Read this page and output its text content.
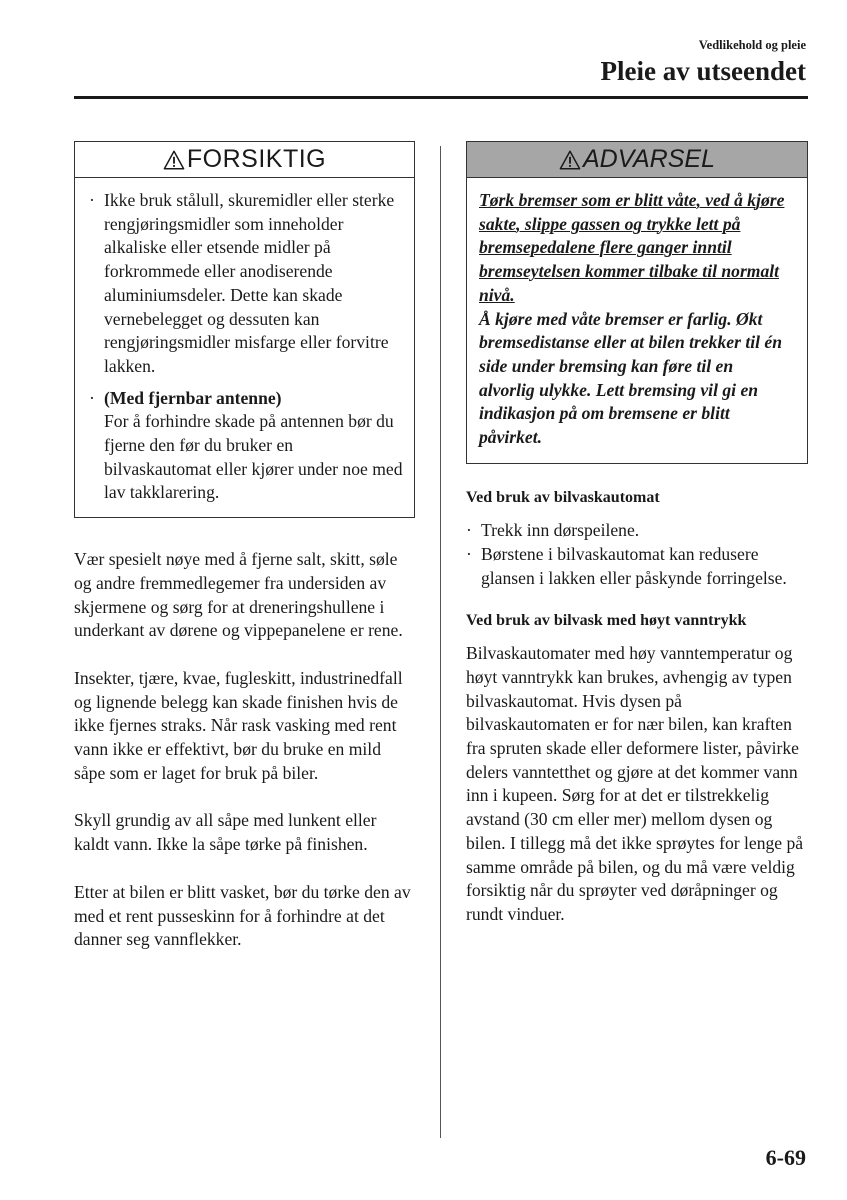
Vedlikehold og pleie
Pleie av utseendet
FORSIKTIG
· Ikke bruk stålull, skuremidler eller sterke rengjøringsmidler som inneholder alkaliske eller etsende midler på forkrommede eller anodiserende aluminiumsdeler. Dette kan skade vernebelegget og dessuten kan rengjøringsmidler misfarge eller forvitre lakken.
· (Med fjernbar antenne)
For å forhindre skade på antennen bør du fjerne den før du bruker en bilvaskautomat eller kjører under noe med lav takklarering.

Vær spesielt nøye med å fjerne salt, skitt, søle og andre fremmedlegemer fra undersiden av skjermene og sørg for at dreneringshullene i underkant av dørene og vippepanelene er rene.

Insekter, tjære, kvae, fugleskitt, industrinedfall og lignende belegg kan skade finishen hvis de ikke fjernes straks. Når rask vasking med rent vann ikke er effektivt, bør du bruke en mild såpe som er laget for bruk på biler.

Skyll grundig av all såpe med lunkent eller kaldt vann. Ikke la såpe tørke på finishen.

Etter at bilen er blitt vasket, bør du tørke den av med et rent pusseskinn for å forhindre at det danner seg vannflekker.

ADVARSEL
Tørk bremser som er blitt våte, ved å kjøre sakte, slippe gassen og trykke lett på bremsepedalene flere ganger inntil bremseytelsen kommer tilbake til normalt nivå.
Å kjøre med våte bremser er farlig. Økt bremsedistanse eller at bilen trekker til én side under bremsing kan føre til en alvorlig ulykke. Lett bremsing vil gi en indikasjon på om bremsene er blitt påvirket.
Ved bruk av bilvaskautomat
· Trekk inn dørspeilene.
· Børstene i bilvaskautomat kan redusere glansen i lakken eller påskynde forringelse.
Ved bruk av bilvask med høyt vanntrykk

Bilvaskautomater med høy vanntemperatur og høyt vanntrykk kan brukes, avhengig av typen bilvaskautomat. Hvis dysen på bilvaskautomaten er for nær bilen, kan kraften fra spruten skade eller deformere lister, påvirke delers vanntetthet og gjøre at det kommer vann inn i kupeen. Sørg for at det er tilstrekkelig avstand (30 cm eller mer) mellom dysen og bilen. I tillegg må det ikke sprøytes for lenge på samme område på bilen, og du må være veldig forsiktig når du sprøyter ved døråpninger og rundt vinduer.

6-69
